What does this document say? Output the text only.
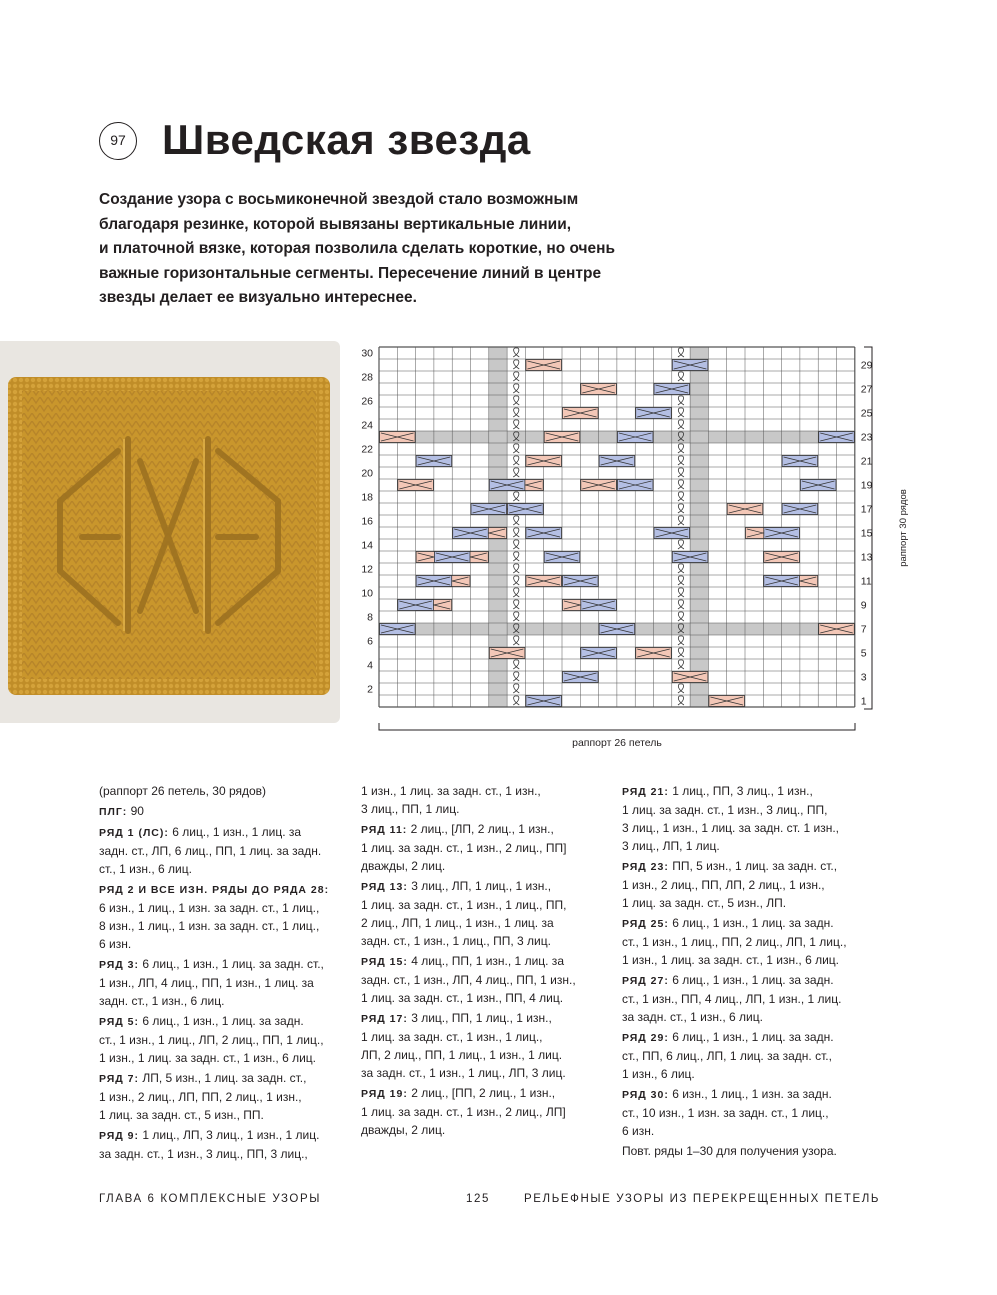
97 Шведская звезда
Создание узора с восьмиконечной звездой стало возможным
благодаря резинке, которой вывязаны вертикальные линии,
и платочной вязке, которая позволила сделать короткие, но очень
важные горизонтальные сегменты. Пересечение линий в центре
звезды делает ее визуально интереснее.
30
28
26
24
22
20
18
16
14
12
10
8
6
4
2
29
27
25
23
21
19
17
15
13
11
9
7
5
3
1
раппорт 30 рядов
раппорт 26 петель

(раппорт 26 петель, 30 рядов)

ПЛГ: 90

РЯД 1 (ЛС): 6 лиц., 1 изн., 1 лиц. за
задн. ст., ЛП, 6 лиц., ПП, 1 лиц. за задн.
ст., 1 изн., 6 лиц.

РЯД 2 И ВСЕ ИЗН. РЯДЫ ДО РЯДА 28:
6 изн., 1 лиц., 1 изн. за задн. ст., 1 лиц.,
8 изн., 1 лиц., 1 изн. за задн. ст., 1 лиц.,
6 изн.

РЯД 3: 6 лиц., 1 изн., 1 лиц. за задн. ст.,
1 изн., ЛП, 4 лиц., ПП, 1 изн., 1 лиц. за
задн. ст., 1 изн., 6 лиц.

РЯД 5: 6 лиц., 1 изн., 1 лиц. за задн.
ст., 1 изн., 1 лиц., ЛП, 2 лиц., ПП, 1 лиц.,
1 изн., 1 лиц. за задн. ст., 1 изн., 6 лиц.

РЯД 7: ЛП, 5 изн., 1 лиц. за задн. ст.,
1 изн., 2 лиц., ЛП, ПП, 2 лиц., 1 изн.,
1 лиц. за задн. ст., 5 изн., ПП.

РЯД 9: 1 лиц., ЛП, 3 лиц., 1 изн., 1 лиц.
за задн. ст., 1 изн., 3 лиц., ПП, 3 лиц.,

1 изн., 1 лиц. за задн. ст., 1 изн.,
3 лиц., ПП, 1 лиц.

РЯД 11: 2 лиц., [ЛП, 2 лиц., 1 изн.,
1 лиц. за задн. ст., 1 изн., 2 лиц., ПП]
дважды, 2 лиц.

РЯД 13: 3 лиц., ЛП, 1 лиц., 1 изн.,
1 лиц. за задн. ст., 1 изн., 1 лиц., ПП,
2 лиц., ЛП, 1 лиц., 1 изн., 1 лиц. за
задн. ст., 1 изн., 1 лиц., ПП, 3 лиц.

РЯД 15: 4 лиц., ПП, 1 изн., 1 лиц. за
задн. ст., 1 изн., ЛП, 4 лиц., ПП, 1 изн.,
1 лиц. за задн. ст., 1 изн., ПП, 4 лиц.

РЯД 17: 3 лиц., ПП, 1 лиц., 1 изн.,
1 лиц. за задн. ст., 1 изн., 1 лиц.,
ЛП, 2 лиц., ПП, 1 лиц., 1 изн., 1 лиц.
за задн. ст., 1 изн., 1 лиц., ЛП, 3 лиц.

РЯД 19: 2 лиц., [ПП, 2 лиц., 1 изн.,
1 лиц. за задн. ст., 1 изн., 2 лиц., ЛП]
дважды, 2 лиц.

РЯД 21: 1 лиц., ПП, 3 лиц., 1 изн.,
1 лиц. за задн. ст., 1 изн., 3 лиц., ПП,
3 лиц., 1 изн., 1 лиц. за задн. ст. 1 изн.,
3 лиц., ЛП, 1 лиц.

РЯД 23: ПП, 5 изн., 1 лиц. за задн. ст.,
1 изн., 2 лиц., ПП, ЛП, 2 лиц., 1 изн.,
1 лиц. за задн. ст., 5 изн., ЛП.

РЯД 25: 6 лиц., 1 изн., 1 лиц. за задн.
ст., 1 изн., 1 лиц., ПП, 2 лиц., ЛП, 1 лиц.,
1 изн., 1 лиц. за задн. ст., 1 изн., 6 лиц.

РЯД 27: 6 лиц., 1 изн., 1 лиц. за задн.
ст., 1 изн., ПП, 4 лиц., ЛП, 1 изн., 1 лиц.
за задн. ст., 1 изн., 6 лиц.

РЯД 29: 6 лиц., 1 изн., 1 лиц. за задн.
ст., ПП, 6 лиц., ЛП, 1 лиц. за задн. ст.,
1 изн., 6 лиц.

РЯД 30: 6 изн., 1 лиц., 1 изн. за задн.
ст., 10 изн., 1 изн. за задн. ст., 1 лиц.,
6 изн.

Повт. ряды 1–30 для получения узора.

ГЛАВА 6 КОМПЛЕКСНЫЕ УЗОРЫ	125	РЕЛЬЕФНЫЕ УЗОРЫ ИЗ ПЕРЕКРЕЩЕННЫХ ПЕТЕЛЬ
